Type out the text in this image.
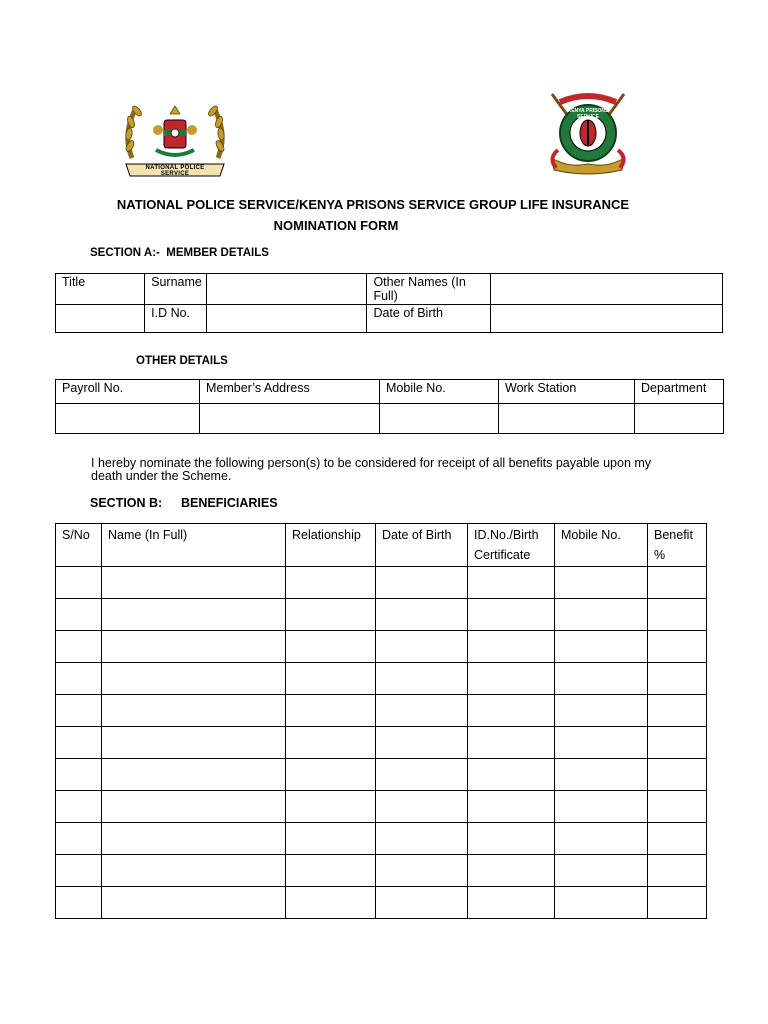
NATIONAL POLICE SERVICE
KENYA PRISONS SERVICE
NATIONAL POLICE SERVICE/KENYA PRISONS SERVICE GROUP LIFE INSURANCE
NOMINATION FORM
SECTION A:-  MEMBER DETAILS
Title	Surname		Other Names (In Full)	
	I.D No.		Date of Birth	
OTHER DETAILS
Payroll No.	Member’s Address	Mobile No.	Work Station	Department

I hereby nominate the following person(s) to be considered for receipt of all benefits payable upon my death under the Scheme.
SECTION B: BENEFICIARIES
S/No	Name (In Full)	Relationship	Date of Birth	ID.No./Birth Certificate	Mobile No.	Benefit %
